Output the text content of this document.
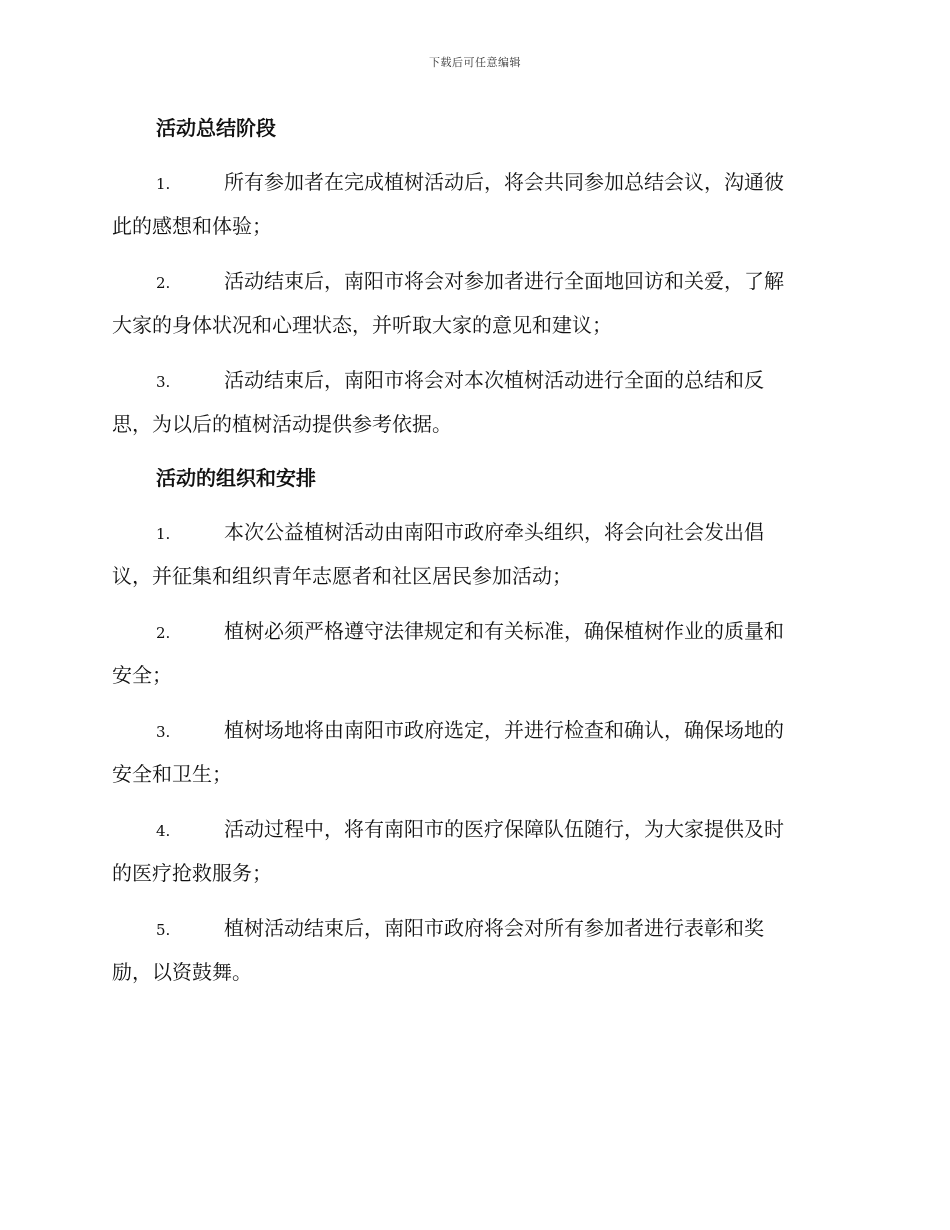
下载后可任意编辑
活动总结阶段
1.	所有参加者在完成植树活动后，将会共同参加总结会议，沟通彼
此的感想和体验；
2.	活动结束后，南阳市将会对参加者进行全面地回访和关爱，了解
大家的身体状况和心理状态，并听取大家的意见和建议；
3.	活动结束后，南阳市将会对本次植树活动进行全面的总结和反
思，为以后的植树活动提供参考依据。
活动的组织和安排
1.	本次公益植树活动由南阳市政府牵头组织，将会向社会发出倡
议，并征集和组织青年志愿者和社区居民参加活动；
2.	植树必须严格遵守法律规定和有关标准，确保植树作业的质量和
安全；
3.	植树场地将由南阳市政府选定，并进行检查和确认，确保场地的
安全和卫生；
4.	活动过程中，将有南阳市的医疗保障队伍随行，为大家提供及时
的医疗抢救服务；
5.	植树活动结束后，南阳市政府将会对所有参加者进行表彰和奖
励，以资鼓舞。
